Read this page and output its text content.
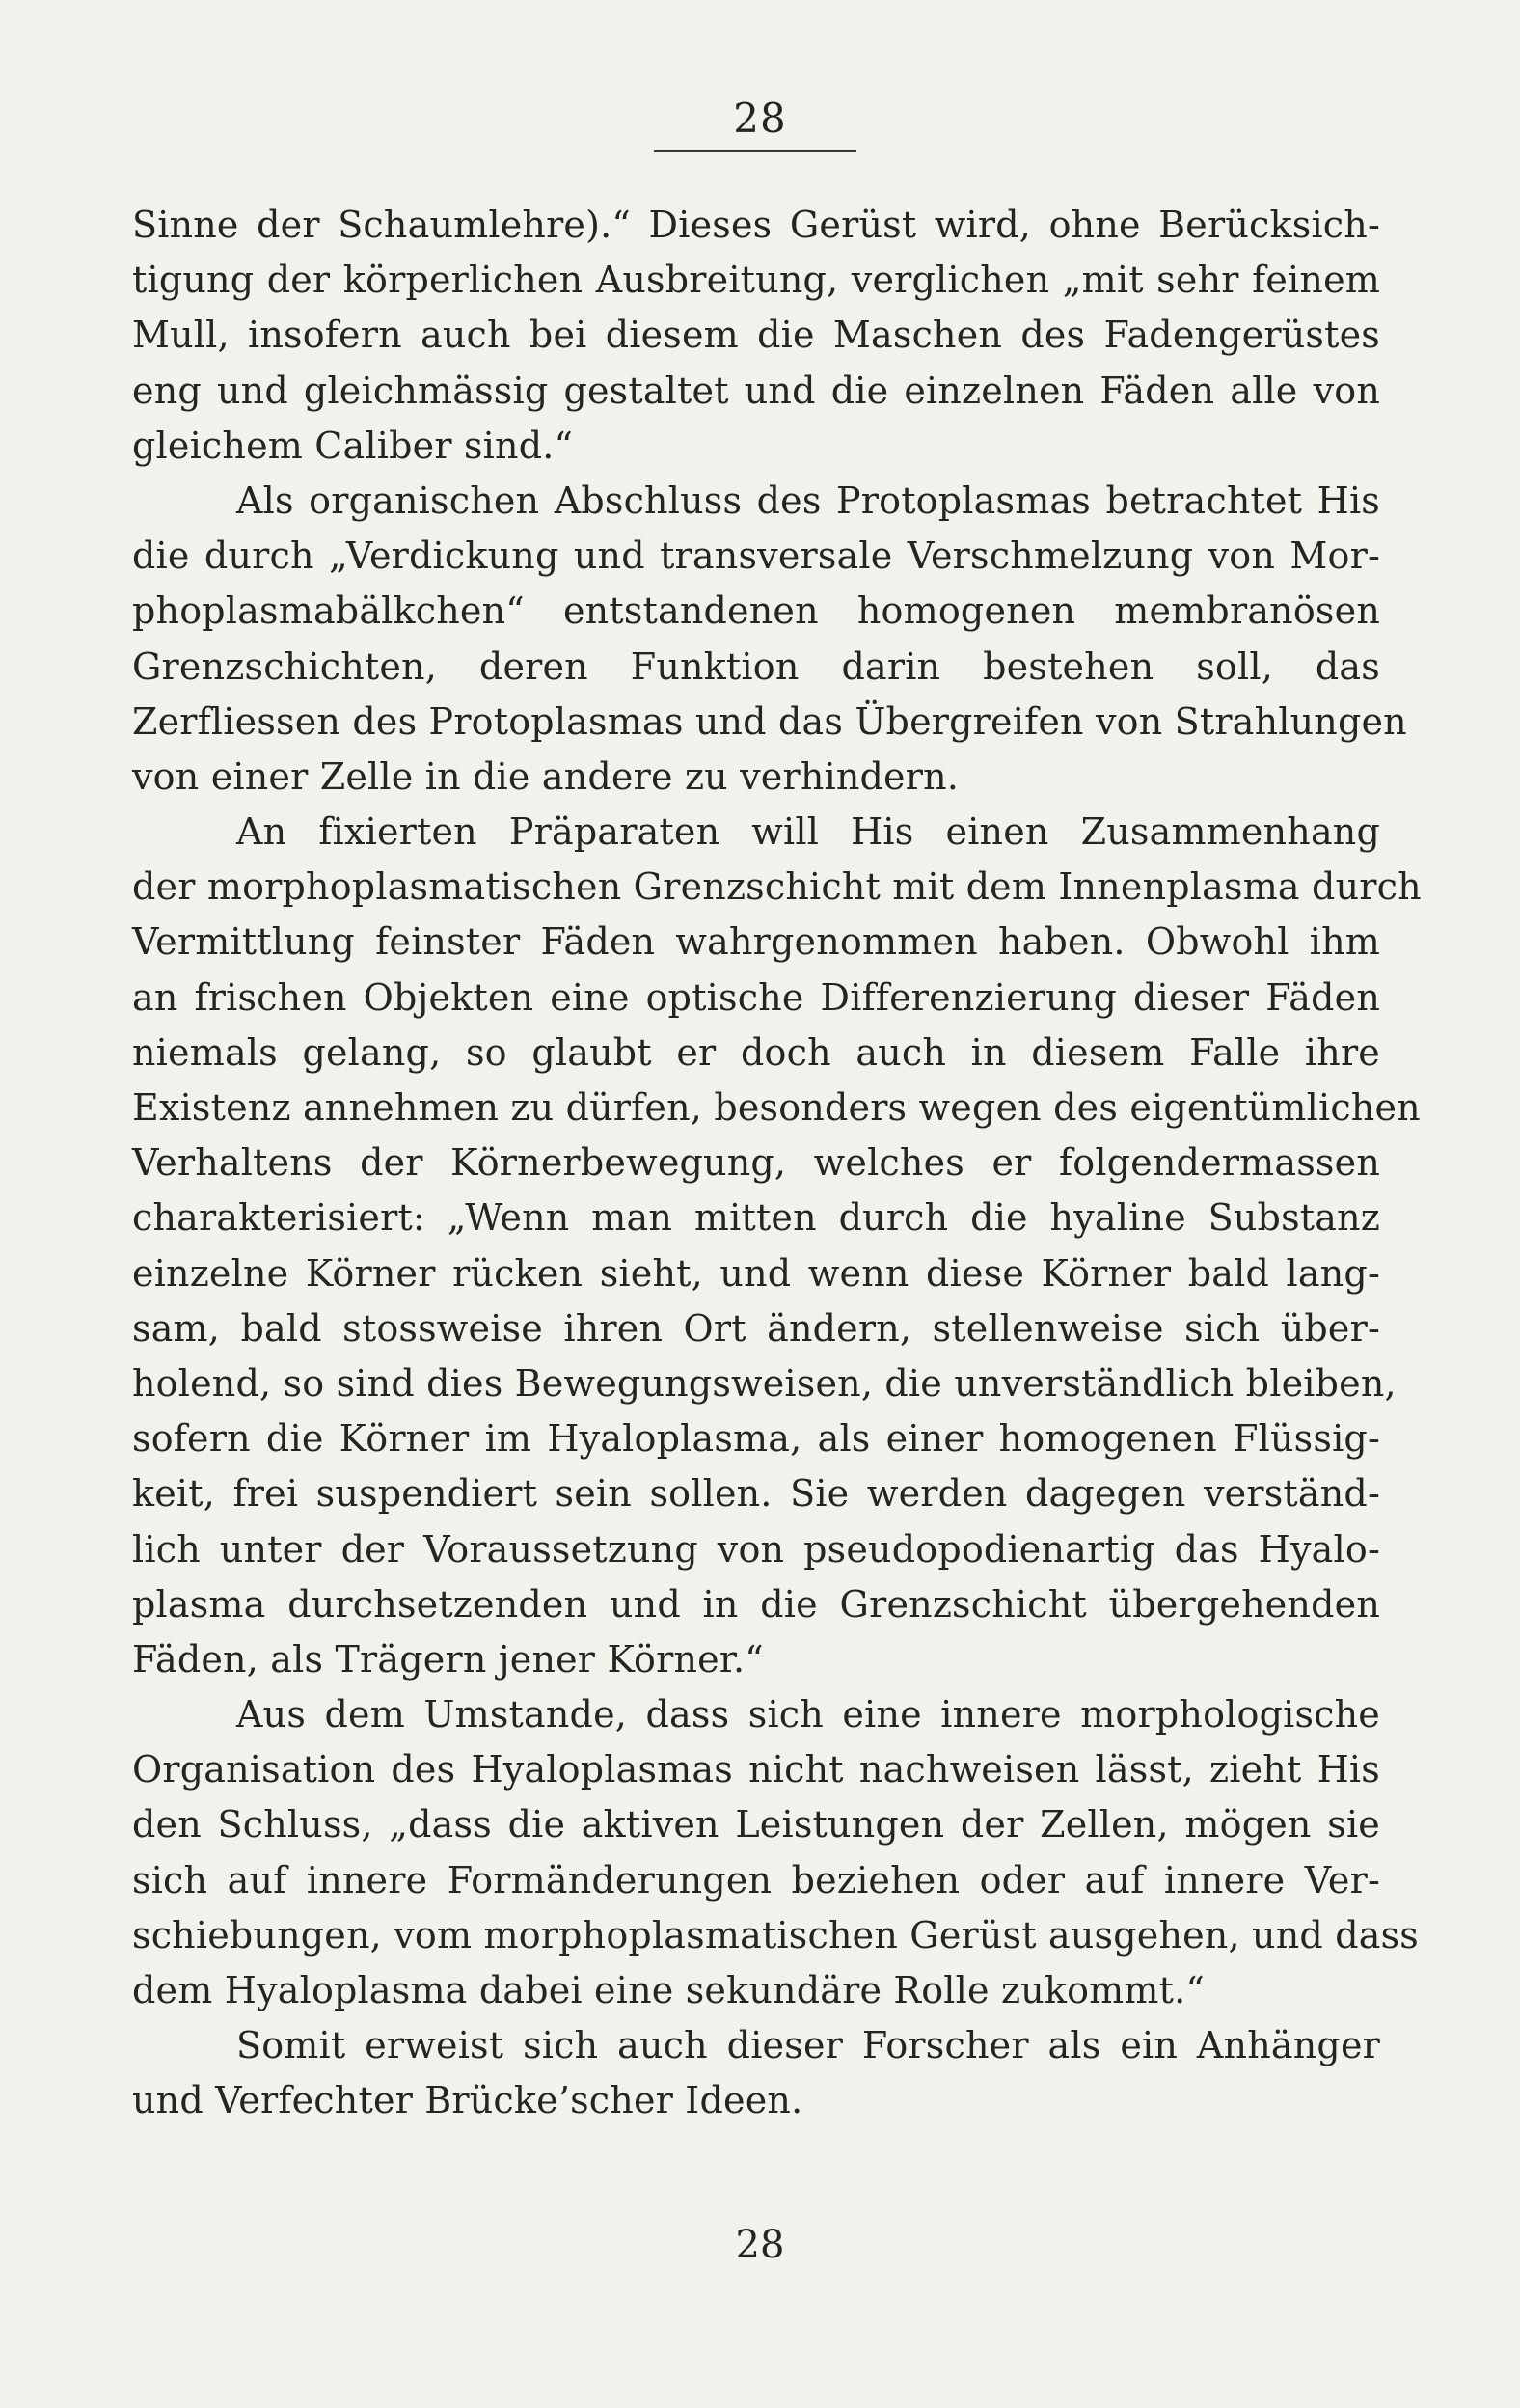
28
Sinne der Schaumlehre).“ Dieses Gerüst wird, ohne Berücksich-
tigung der körperlichen Ausbreitung, verglichen „mit sehr feinem
Mull, insofern auch bei diesem die Maschen des Fadengerüstes
eng und gleichmässig gestaltet und die einzelnen Fäden alle von
gleichem Caliber sind.“
Als organischen Abschluss des Protoplasmas betrachtet His
die durch „Verdickung und transversale Verschmelzung von Mor-
phoplasmabälkchen“ entstandenen homogenen membranösen
Grenzschichten, deren Funktion darin bestehen soll, das
Zerfliessen des Protoplasmas und das Übergreifen von Strahlungen
von einer Zelle in die andere zu verhindern.
An fixierten Präparaten will His einen Zusammenhang
der morphoplasmatischen Grenzschicht mit dem Innenplasma durch
Vermittlung feinster Fäden wahrgenommen haben. Obwohl ihm
an frischen Objekten eine optische Differenzierung dieser Fäden
niemals gelang, so glaubt er doch auch in diesem Falle ihre
Existenz annehmen zu dürfen, besonders wegen des eigentümlichen
Verhaltens der Körnerbewegung, welches er folgendermassen
charakterisiert: „Wenn man mitten durch die hyaline Substanz
einzelne Körner rücken sieht, und wenn diese Körner bald lang-
sam, bald stossweise ihren Ort ändern, stellenweise sich über-
holend, so sind dies Bewegungsweisen, die unverständlich bleiben,
sofern die Körner im Hyaloplasma, als einer homogenen Flüssig-
keit, frei suspendiert sein sollen. Sie werden dagegen verständ-
lich unter der Voraussetzung von pseudopodienartig das Hyalo-
plasma durchsetzenden und in die Grenzschicht übergehenden
Fäden, als Trägern jener Körner.“
Aus dem Umstande, dass sich eine innere morphologische
Organisation des Hyaloplasmas nicht nachweisen lässt, zieht His
den Schluss, „dass die aktiven Leistungen der Zellen, mögen sie
sich auf innere Formänderungen beziehen oder auf innere Ver-
schiebungen, vom morphoplasmatischen Gerüst ausgehen, und dass
dem Hyaloplasma dabei eine sekundäre Rolle zukommt.“
Somit erweist sich auch dieser Forscher als ein Anhänger
und Verfechter Brücke’scher Ideen.
28
